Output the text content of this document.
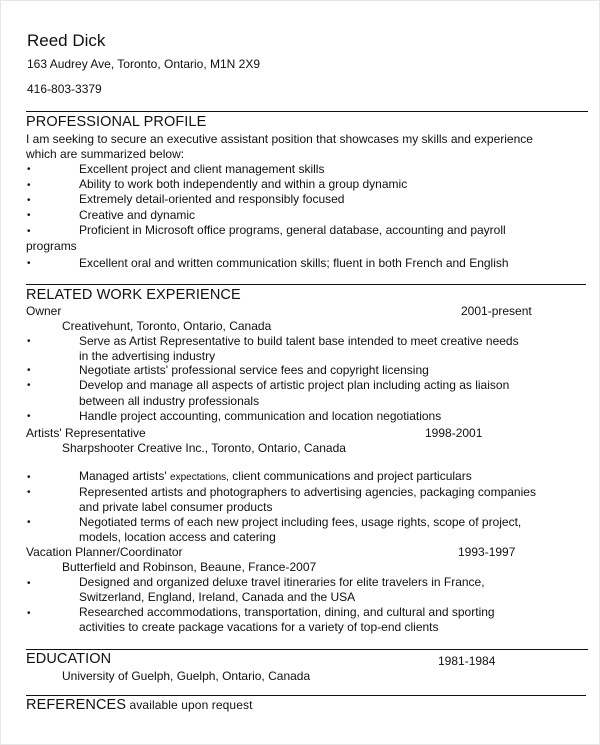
Reed Dick
163 Audrey Ave, Toronto, Ontario, M1N 2X9
416-803-3379
PROFESSIONAL PROFILE
I am seeking to secure an executive assistant position that showcases my skills and experience
which are summarized below:
•	Excellent project and client management skills
•	Ability to work both independently and within a group dynamic
•	Extremely detail-oriented and responsibly focused
•	Creative and dynamic
•	Proficient in Microsoft office programs, general database, accounting and payroll
programs
•	Excellent oral and written communication skills; fluent in both French and English
RELATED WORK EXPERIENCE
Owner	2001-present
Creativehunt, Toronto, Ontario, Canada
•	Serve as Artist Representative to build talent base intended to meet creative needs
in the advertising industry
•	Negotiate artists' professional service fees and copyright licensing
•	Develop and manage all aspects of artistic project plan including acting as liaison
between all industry professionals
•	Handle project accounting, communication and location negotiations
Artists' Representative	1998-2001
Sharpshooter Creative Inc., Toronto, Ontario, Canada
•	Managed artists' expectations, client communications and project particulars
•	Represented artists and photographers to advertising agencies, packaging companies
and private label consumer products
•	Negotiated terms of each new project including fees, usage rights, scope of project,
models, location access and catering
Vacation Planner/Coordinator	1993-1997
Butterfield and Robinson, Beaune, France-2007
•	Designed and organized deluxe travel itineraries for elite travelers in France,
Switzerland, England, Ireland, Canada and the USA
•	Researched accommodations, transportation, dining, and cultural and sporting
activities to create package vacations for a variety of top-end clients
EDUCATION	1981-1984
University of Guelph, Guelph, Ontario, Canada
REFERENCES available upon request
